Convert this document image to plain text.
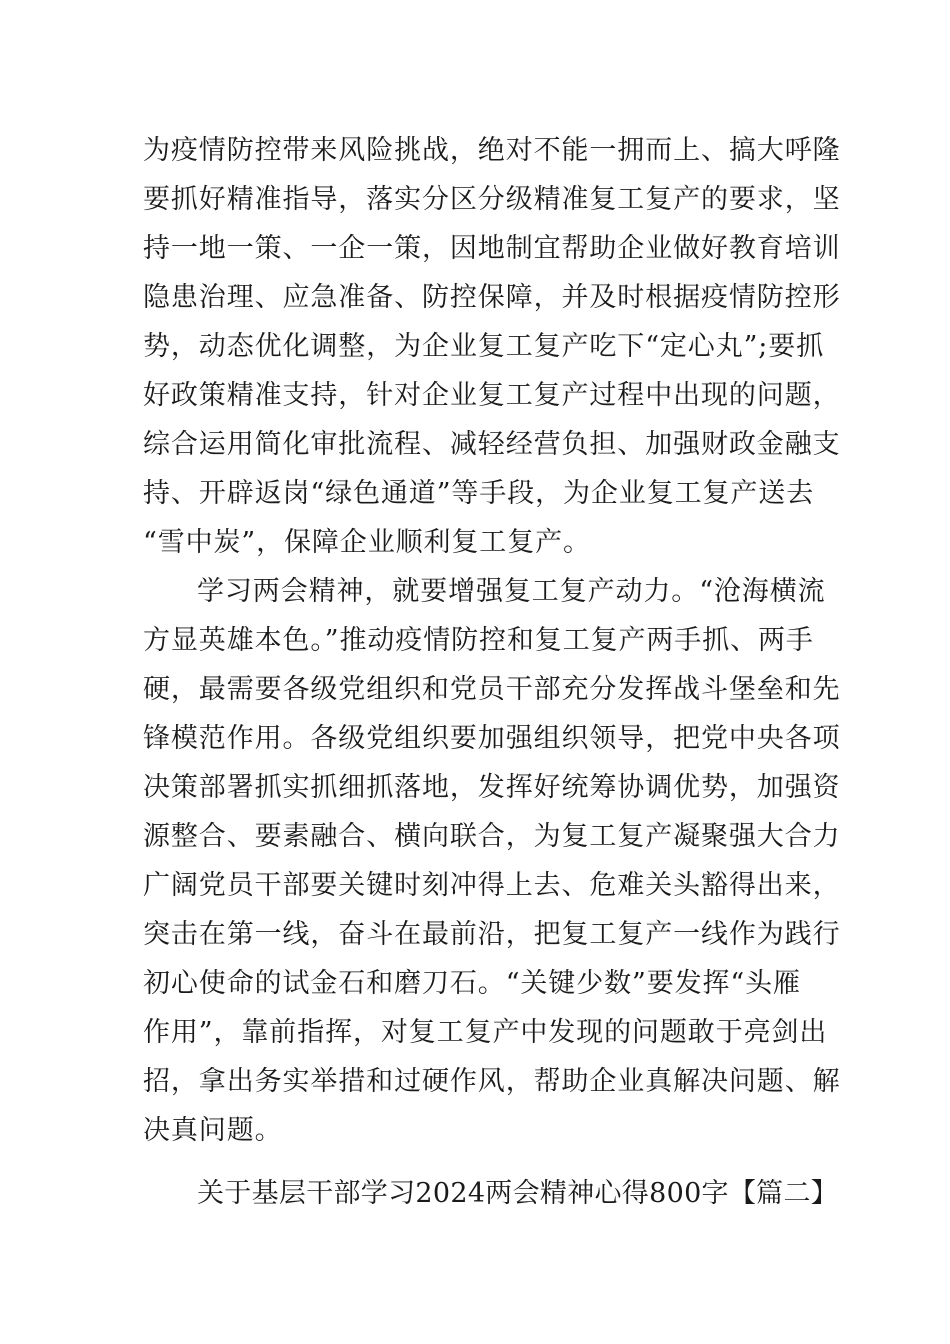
为疫情防控带来风险挑战，绝对不能一拥而上、搞大呼隆
要抓好精准指导，落实分区分级精准复工复产的要求，坚
持一地一策、一企一策，因地制宜帮助企业做好教育培训
隐患治理、应急准备、防控保障，并及时根据疫情防控形
势，动态优化调整，为企业复工复产吃下“定心丸”;要抓
好政策精准支持，针对企业复工复产过程中出现的问题，
综合运用简化审批流程、减轻经营负担、加强财政金融支
持、开辟返岗“绿色通道”等手段，为企业复工复产送去
“雪中炭”，保障企业顺利复工复产。
学习两会精神，就要增强复工复产动力。“沧海横流
方显英雄本色。”推动疫情防控和复工复产两手抓、两手
硬，最需要各级党组织和党员干部充分发挥战斗堡垒和先
锋模范作用。各级党组织要加强组织领导，把党中央各项
决策部署抓实抓细抓落地，发挥好统筹协调优势，加强资
源整合、要素融合、横向联合，为复工复产凝聚强大合力
广阔党员干部要关键时刻冲得上去、危难关头豁得出来，
突击在第一线，奋斗在最前沿，把复工复产一线作为践行
初心使命的试金石和磨刀石。“关键少数”要发挥“头雁
作用”，靠前指挥，对复工复产中发现的问题敢于亮剑出
招，拿出务实举措和过硬作风，帮助企业真解决问题、解
决真问题。
关于基层干部学习2024两会精神心得800字【篇二】
